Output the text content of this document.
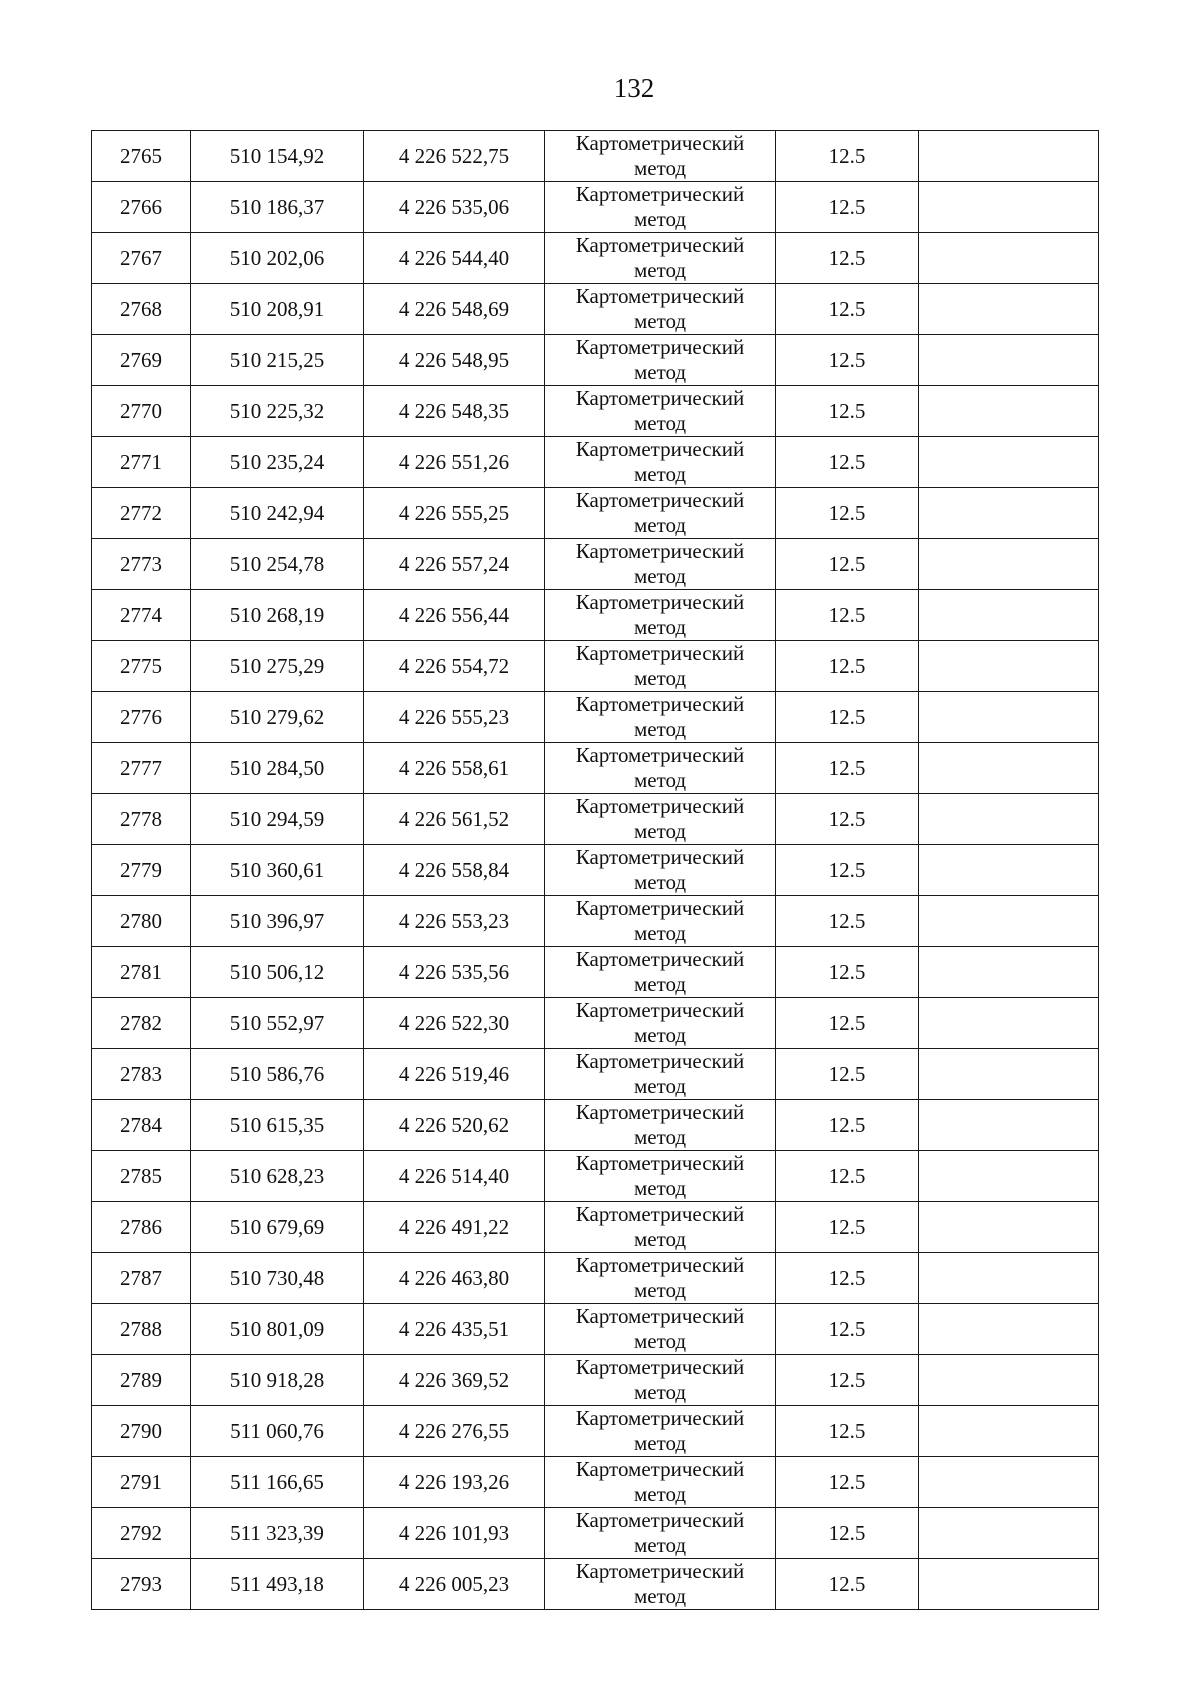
132
2765	510 154,92	4 226 522,75	Картометрический
метод	12.5	
2766	510 186,37	4 226 535,06	Картометрический
метод	12.5	
2767	510 202,06	4 226 544,40	Картометрический
метод	12.5	
2768	510 208,91	4 226 548,69	Картометрический
метод	12.5	
2769	510 215,25	4 226 548,95	Картометрический
метод	12.5	
2770	510 225,32	4 226 548,35	Картометрический
метод	12.5	
2771	510 235,24	4 226 551,26	Картометрический
метод	12.5	
2772	510 242,94	4 226 555,25	Картометрический
метод	12.5	
2773	510 254,78	4 226 557,24	Картометрический
метод	12.5	
2774	510 268,19	4 226 556,44	Картометрический
метод	12.5	
2775	510 275,29	4 226 554,72	Картометрический
метод	12.5	
2776	510 279,62	4 226 555,23	Картометрический
метод	12.5	
2777	510 284,50	4 226 558,61	Картометрический
метод	12.5	
2778	510 294,59	4 226 561,52	Картометрический
метод	12.5	
2779	510 360,61	4 226 558,84	Картометрический
метод	12.5	
2780	510 396,97	4 226 553,23	Картометрический
метод	12.5	
2781	510 506,12	4 226 535,56	Картометрический
метод	12.5	
2782	510 552,97	4 226 522,30	Картометрический
метод	12.5	
2783	510 586,76	4 226 519,46	Картометрический
метод	12.5	
2784	510 615,35	4 226 520,62	Картометрический
метод	12.5	
2785	510 628,23	4 226 514,40	Картометрический
метод	12.5	
2786	510 679,69	4 226 491,22	Картометрический
метод	12.5	
2787	510 730,48	4 226 463,80	Картометрический
метод	12.5	
2788	510 801,09	4 226 435,51	Картометрический
метод	12.5	
2789	510 918,28	4 226 369,52	Картометрический
метод	12.5	
2790	511 060,76	4 226 276,55	Картометрический
метод	12.5	
2791	511 166,65	4 226 193,26	Картометрический
метод	12.5	
2792	511 323,39	4 226 101,93	Картометрический
метод	12.5	
2793	511 493,18	4 226 005,23	Картометрический
метод	12.5	
